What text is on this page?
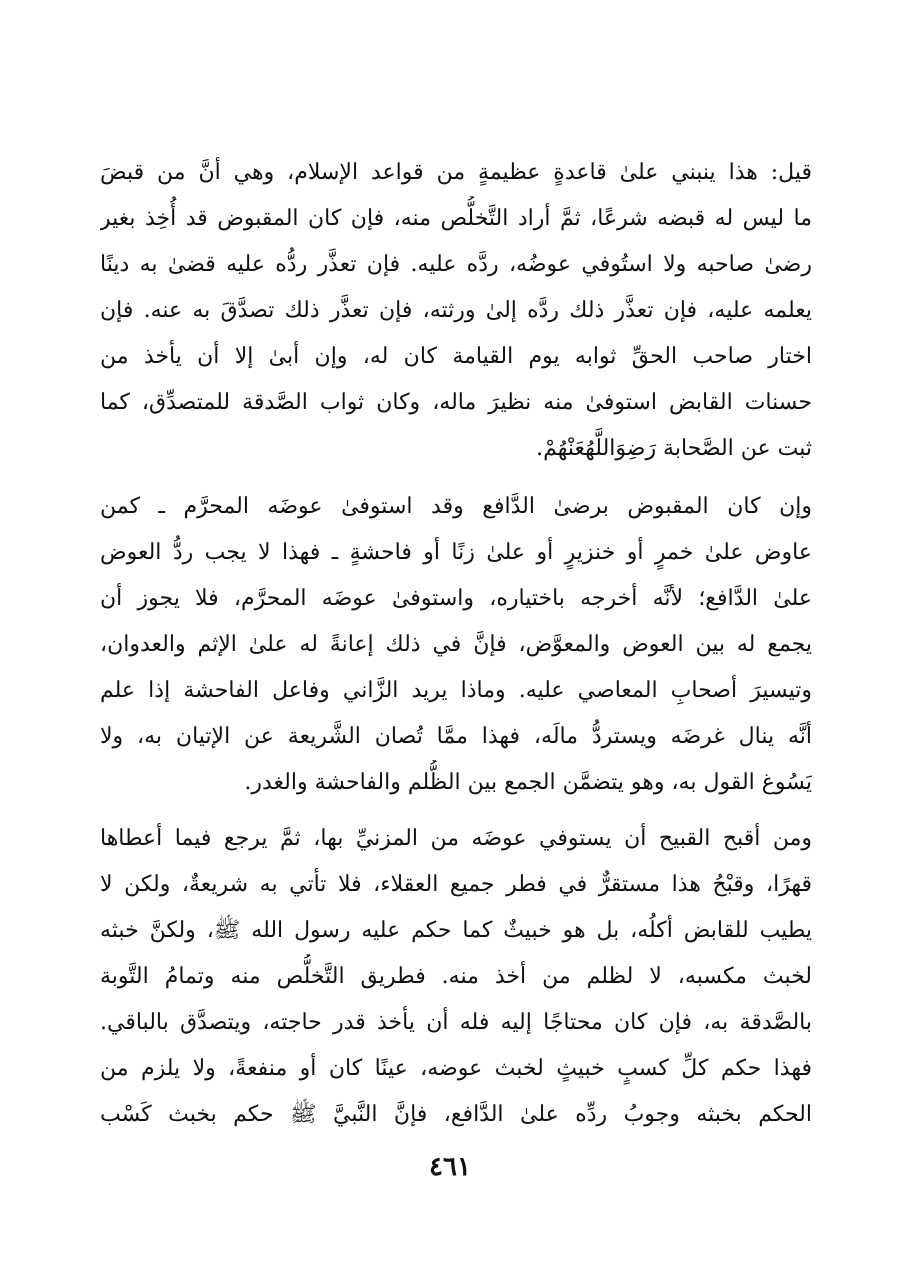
قيل: هذا ينبني علىٰ قاعدةٍ عظيمةٍ من قواعد الإسلام، وهي أنَّ من قبضَ
ما ليس له قبضه شرعًا، ثمَّ أراد التَّخلُّص منه، فإن كان المقبوض قد أُخِذ بغير
رضىٰ صاحبه ولا استُوفي عوضُه، ردَّه عليه. فإن تعذَّر ردُّه عليه قضىٰ به دينًا
يعلمه عليه، فإن تعذَّر ذلك ردَّه إلىٰ ورثته، فإن تعذَّر ذلك تصدَّقَ به عنه. فإن
اختار صاحب الحقِّ ثوابه يوم القيامة كان له، وإن أبىٰ إلا أن يأخذ من
حسنات القابض استوفىٰ منه نظيرَ ماله، وكان ثواب الصَّدقة للمتصدِّق، كما
ثبت عن الصَّحابة رَضِوَاللَّهُعَنْهُمْ.
وإن كان المقبوض برضىٰ الدَّافع وقد استوفىٰ عوضَه المحرَّم ـ كمن
عاوض علىٰ خمرٍ أو خنزيرٍ أو علىٰ زنًا أو فاحشةٍ ـ فهذا لا يجب ردُّ العوض
علىٰ الدَّافع؛ لأنَّه أخرجه باختياره، واستوفىٰ عوضَه المحرَّم، فلا يجوز أن
يجمع له بين العوض والمعوَّض، فإنَّ في ذلك إعانةً له علىٰ الإثم والعدوان،
وتيسيرَ أصحابِ المعاصي عليه. وماذا يريد الزَّاني وفاعل الفاحشة إذا علم
أنَّه ينال غرضَه ويستردُّ مالَه، فهذا ممَّا تُصان الشَّريعة عن الإتيان به، ولا
يَسُوغ القول به، وهو يتضمَّن الجمع بين الظُّلم والفاحشة والغدر.
ومن أقبح القبيح أن يستوفي عوضَه من المزنيِّ بها، ثمَّ يرجع فيما أعطاها
قهرًا، وقبْحُ هذا مستقرٌّ في فطر جميع العقلاء، فلا تأتي به شريعةٌ، ولكن لا
يطيب للقابض أكلُه، بل هو خبيثٌ كما حكم عليه رسول الله ﷺ، ولكنَّ خبثه
لخبث مكسبه، لا لظلم من أخذ منه. فطريق التَّخلُّص منه وتمامُ التَّوبة
بالصَّدقة به، فإن كان محتاجًا إليه فله أن يأخذ قدر حاجته، ويتصدَّق بالباقي.
فهذا حكم كلِّ كسبٍ خبيثٍ لخبث عوضه، عينًا كان أو منفعةً، ولا يلزم من
الحكم بخبثه وجوبُ ردِّه علىٰ الدَّافع، فإنَّ النَّبيَّ ﷺ حكم بخبث كَسْب
٤٦١
